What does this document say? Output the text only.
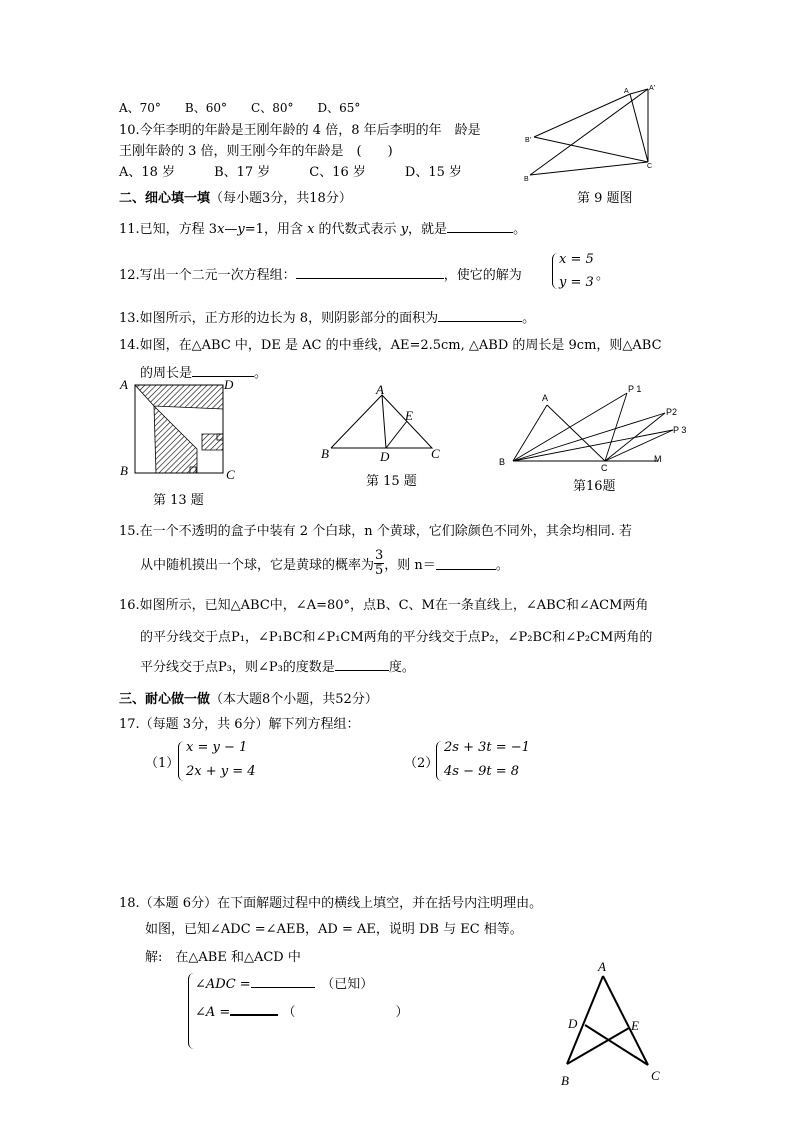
A、70°　　B、60°　　C、80°　　D、65°
10.今年李明的年龄是王刚年龄的 4 倍，8 年后李明的年　龄是
王刚年龄的 3 倍，则王刚今年的年龄是　(　　)
A、18 岁　　　B、17 岁　　　C、16 岁　　　D、15 岁
A	A'
B'
B
C
第 9 题图
二、细心填一填（每小题3分，共18分）
11.已知，方程 3x—y=1，用含 x 的代数式表示 y，就是	。
12.写出一个二元一次方程组：	，使它的解为
x = 5
y = 3 。
13.如图所示，正方形的边长为 8，则阴影部分的面积为	。
14.如图，在△ABC 中，DE 是 AC 的中垂线，AE=2.5cm, △ABD 的周长是 9cm，则△ABC
的周长是	。
A	D
B	C
第 13 题
A
E
B	D	C
第 15 题
A
P 1
P2
P 3
B
C
M
第16题
15.在一个不透明的盒子中装有 2 个白球，n 个黄球，它们除颜色不同外，其余均相同. 若
从中随机摸出一个球，它是黄球的概率为 $\frac{3}{5}$ ，则 n＝	。
16.如图所示，已知△ABC中，∠A=80°，点B、C、M在一条直线上，∠ABC和∠ACM两角
的平分线交于点P₁，∠P₁BC和∠P₁CM两角的平分线交于点P₂，∠P₂BC和∠P₂CM两角的
平分线交于点P₃，则∠P₃的度数是	度。
三、耐心做一做（本大题8个小题，共52分）
17.（每题 3分，共 6分）解下列方程组：
（1）
x = y − 1
2x + y = 4
（2）
2s + 3t = −1
4s − 9t = 8
18.（本题 6分）在下面解题过程中的横线上填空，并在括号内注明理由。
如图，已知∠ADC =∠AEB，AD = AE，说明 DB 与 EC 相等。
解:　在△ABE 和△ACD 中
∠ADC =　	（已知）
∠A =	（	）
A
D	E
B	C
